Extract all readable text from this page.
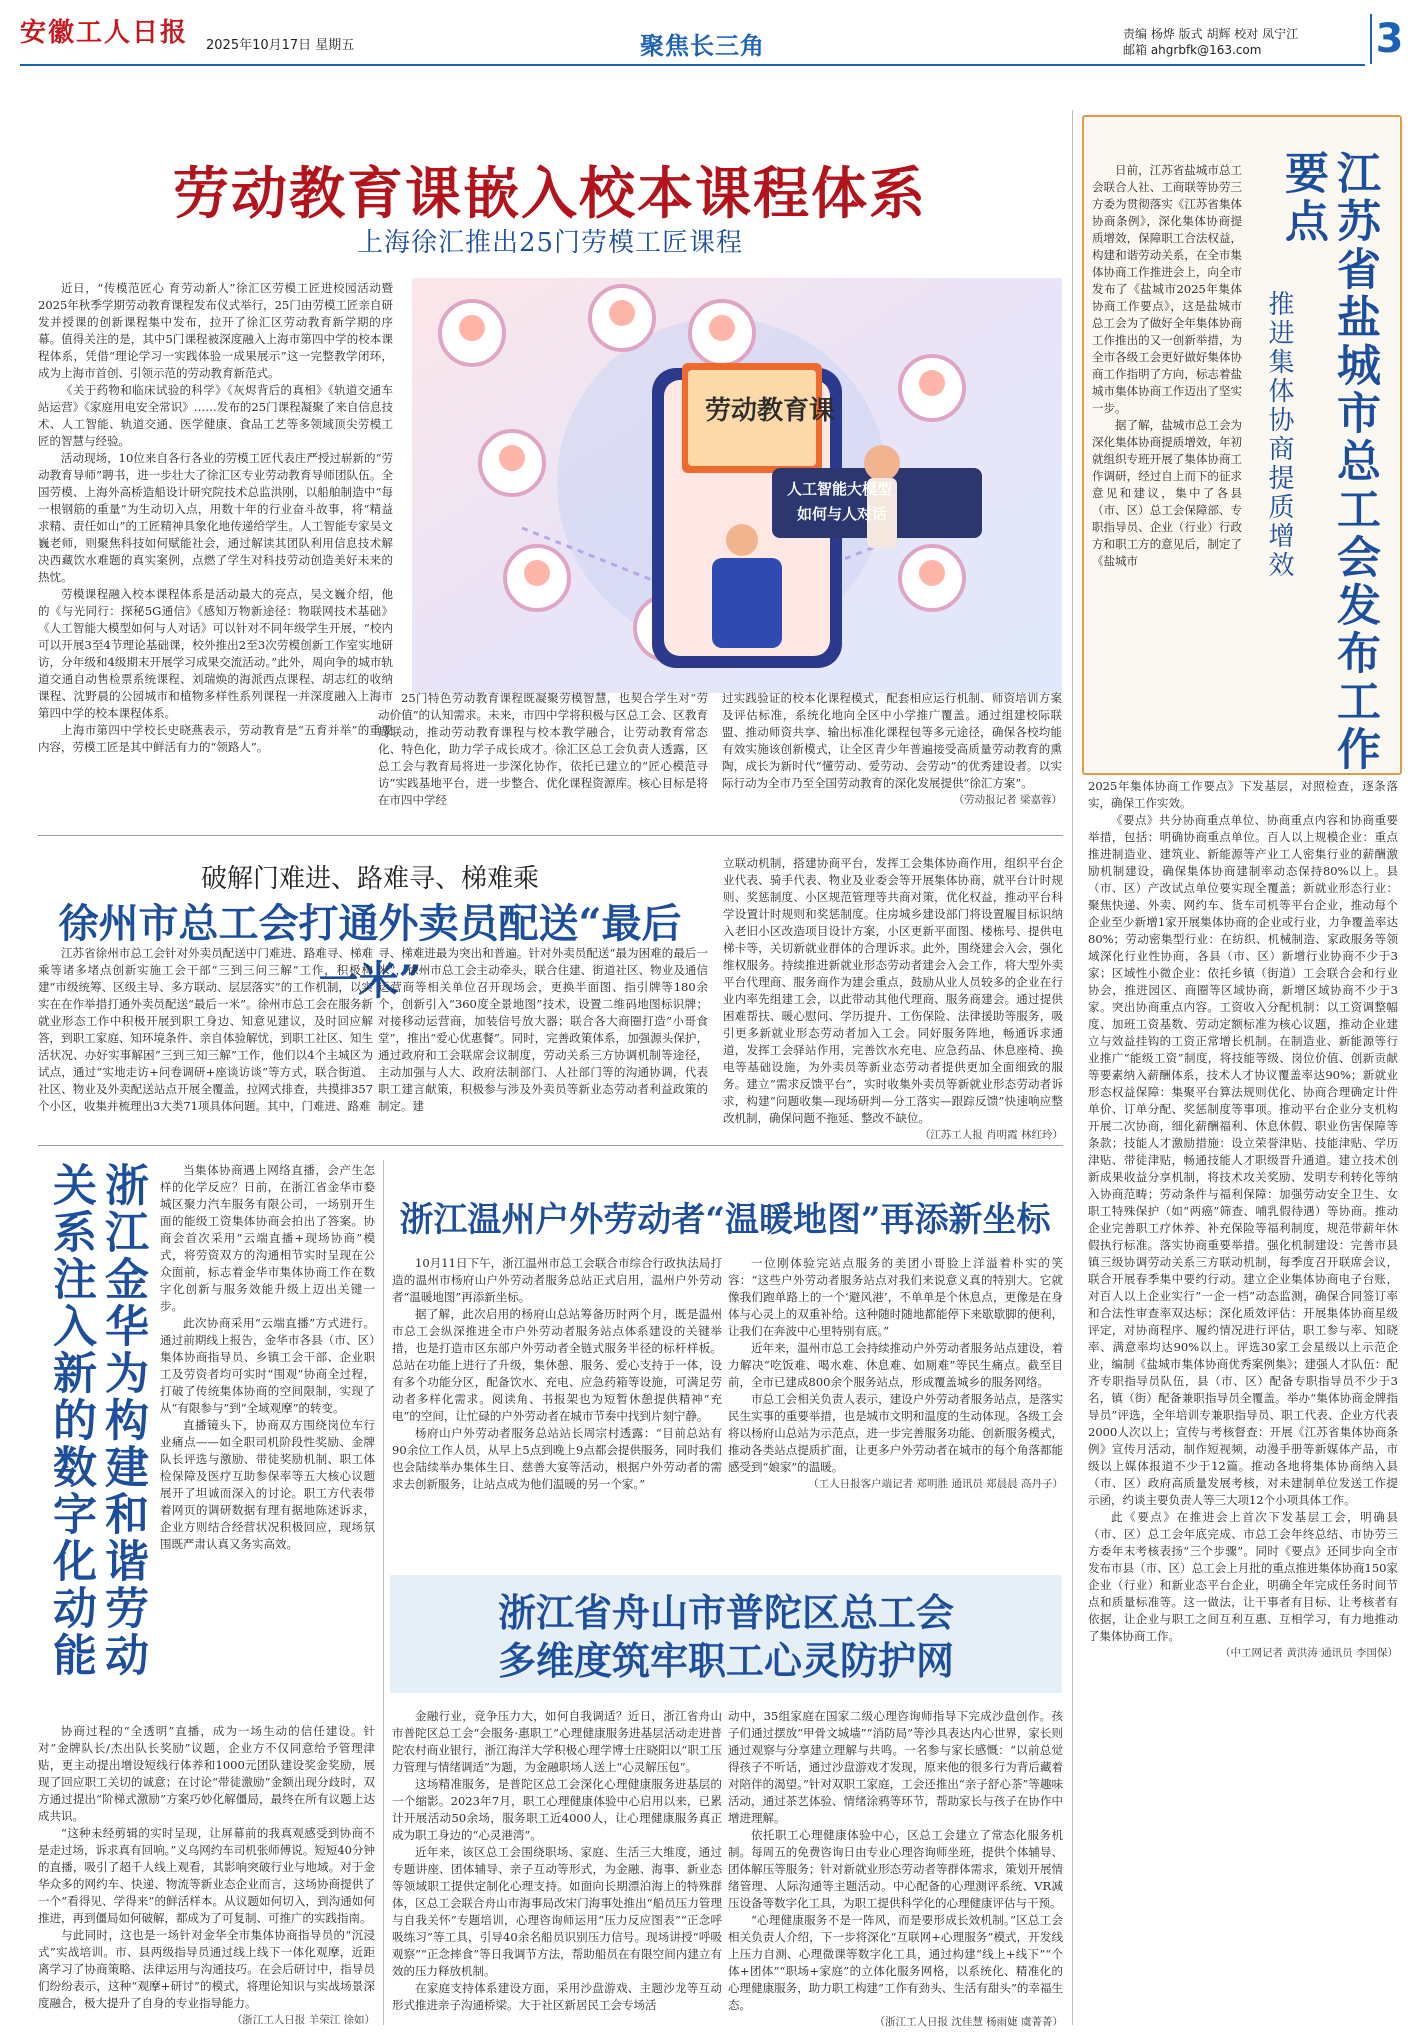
安徽工人日报 2025年10月17日 星期五	聚焦长三角	责编 杨烨 版式 胡辉 校对 凤宁江
邮箱 ahgrbfk@163.com	3
劳动教育课嵌入校本课程体系
上海徐汇推出25门劳模工匠课程
劳动教育课
人工智能大模型
如何与人对话

近日，“传模范匠心 育劳动新人”徐汇区劳模工匠进校园活动暨2025年秋季学期劳动教育课程发布仪式举行，25门由劳模工匠亲自研发并授课的创新课程集中发布，拉开了徐汇区劳动教育新学期的序幕。值得关注的是，其中5门课程被深度融入上海市第四中学的校本课程体系，凭借“理论学习一实践体验一成果展示”这一完整教学闭环，成为上海市首创、引领示范的劳动教育新范式。

《关于药物和临床试验的科学》《灰烬背后的真相》《轨道交通车站运营》《家庭用电安全常识》……发布的25门课程凝聚了来自信息技术、人工智能、轨道交通、医学健康、食品工艺等多领域顶尖劳模工匠的智慧与经验。

活动现场，10位来自各行各业的劳模工匠代表庄严授过崭新的“劳动教育导师”聘书，进一步壮大了徐汇区专业劳动教育导师团队伍。全国劳模、上海外高桥造船设计研究院技术总监洪刚，以船舶制造中“每一根钢筋的重量”为生动切入点，用数十年的行业奋斗故事，将“精益求精、责任如山”的工匠精神具象化地传递给学生。人工智能专家吴文巍老师，则聚焦科技如何赋能社会，通过解读其团队利用信息技术解决西藏饮水难题的真实案例，点燃了学生对科技劳动创造美好未来的热忱。

劳模课程融入校本课程体系是活动最大的亮点，吴文巍介绍，他的《与光同行：探秘5G通信》《感知万物新途径：物联网技术基础》《人工智能大模型如何与人对话》可以针对不同年级学生开展，“校内可以开展3至4节理论基础课，校外推出2至3次劳模创新工作室实地研访，分年级和4级期末开展学习成果交流活动。”此外，周向争的城市轨道交通自动售检票系统课程、刘瑞焕的海派西点课程、胡志红的收纳课程、沈野晨的公园城市和植物多样性系列课程一并深度融入上海市第四中学的校本课程体系。

上海市第四中学校长史晓燕表示，劳动教育是“五育并举”的重要内容，劳模工匠是其中鲜活有力的“领路人”。

25门特色劳动教育课程既凝聚劳模智慧，也契合学生对“劳动价值”的认知需求。未来，市四中学将积极与区总工会、区教育局联动，推动劳动教育课程与校本教学融合，让劳动教育常态化、特色化，助力学子成长成才。徐汇区总工会负责人透露，区总工会与教育局将进一步深化协作，依托已建立的“匠心模范寻访”实践基地平台，进一步整合、优化课程资源库。核心目标是将在市四中学经

过实践验证的校本化课程模式，配套相应运行机制、师资培训方案及评估标准，系统化地向全区中小学推广覆盖。通过组建校际联盟、推动师资共享、输出标准化课程包等多元途径，确保各校均能有效实施该创新模式，让全区青少年普遍接受高质量劳动教育的熏陶，成长为新时代“懂劳动、爱劳动、会劳动”的优秀建设者。以实际行动为全市乃至全国劳动教育的深化发展提供“徐汇方案”。

（劳动报记者 梁嘉蓉）
破解门难进、路难寻、梯难乘
徐州市总工会打通外卖员配送“最后一米”

江苏省徐州市总工会针对外卖员配送中门难进、路难寻、梯难乘等诸多堵点创新实施工会干部“三到三问三解”工作，积极构建“市级统筹、区级主导、多方联动、层层落实”的工作机制，以实实在在作举措打通外卖员配送“最后一米”。徐州市总工会在服务新就业形态工作中积极开展到职工身边、知意见建议，及时回应解答，到职工家庭、知环境条件、亲自体验解忧，到职工社区、知生活状况、办好实事解困“三到三知三解”工作，他们以4个主城区为试点，通过“实地走访+问卷调研+座谈访谈”等方式，联合街道、社区、物业及外卖配送站点开展全覆盖，拉网式排查，共摸排357个小区，收集并梳理出3大类71项具体问题。其中，门难进、路难

寻、梯难进最为突出和普遍。针对外卖员配送“最为困难的最后一米”，徐州市总工会主动牵头，联合住建、街道社区、物业及通信运营商等相关单位召开现场会，更换半面图、指引牌等180余个，创新引入“360度全景地图”技术，设置二维码地图标识牌；对接移动运营商，加装信号放大器；联合各大商圈打造“小哥食堂”，推出“爱心优惠餐”。同时，完善政策体系，加强源头保护，通过政府和工会联席会议制度，劳动关系三方协调机制等途径，主动加强与人大、政府法制部门、人社部门等的沟通协调，代表职工建言献策，积极参与涉及外卖员等新业态劳动者利益政策的制定。建

立联动机制，搭建协商平台，发挥工会集体协商作用，组织平台企业代表、骑手代表、物业及业委会等开展集体协商，就平台计时规则、奖惩制度、小区规范管理等共商对策，优化权益，推动平台科学设置计时规则和奖惩制度。住房城乡建设部门将设置履目标识纳入老旧小区改造项目设计方案，小区更新平面图、楼栋号、提供电梯卡等，关切新就业群体的合理诉求。此外，围绕建会入会，强化维权服务。持续推进新就业形态劳动者建会入会工作，将大型外卖平台代理商、服务商作为建会重点，鼓励从业人员较多的企业在行业内率先组建工会，以此带动其他代理商、服务商建会。通过提供困难帮扶、暖心慰问、学历提升、工伤保险、法律援助等服务，吸引更多新就业形态劳动者加入工会。同好服务阵地，畅通诉求通道，发挥工会驿站作用，完善饮水充电、应急药品、休息座椅、换电等基础设施，为外卖员等新业态劳动者提供更加全面细致的服务。建立“需求反馈平台”，实时收集外卖员等新就业形态劳动者诉求，构建“问题收集—现场研判—分工落实—跟踪反馈”快速响应整改机制，确保问题不拖延、整改不缺位。

（江苏工人报 肖明霞 林红玲）
浙江金华为构建和谐劳动关系注入新的数字化动能	当集体协商遇上网络直播，会产生怎样的化学反应？日前，在浙江省金华市婺城区聚力汽车服务有限公司，一场别开生面的能级工资集体协商会拍出了答案。协商会首次采用“云端直播+现场协商”模式，将劳资双方的沟通相节实时呈现在公众面前，标志着金华市集体协商工作在数字化创新与服务效能升级上迈出关键一步。

此次协商采用“云端直播”方式进行。通过前期线上报告，金华市各县（市、区）集体协商指导员、乡镇工会干部、企业职工及劳资者均可实时“围观”协商全过程，打破了传统集体协商的空间限制，实现了从“有限参与”到“全域观摩”的转变。

直播镜头下，协商双方围绕岗位车行业痛点——如全职司机阶段性奖励、金牌队长评选与激励、带徒奖励机制、职工体检保障及医疗互助参保率等五大核心议题展开了坦诚而深入的讨论。职工方代表带着网页的调研数据有理有据地陈述诉求，企业方则结合经营状况积极回应，现场氛围既严肃认真又务实高效。

协商过程的“全透明”直播，成为一场生动的信任建设。针对“金牌队长/杰出队长奖励”议题，企业方不仅同意给予管理津贴，更主动提出增设短线行体养和1000元团队建设奖金奖励，展现了回应职工关切的诚意；在讨论“带徒激励”金额出现分歧时，双方通过提出“阶梯式激励”方案巧妙化解僵局，最终在所有议题上达成共识。

“这种未经剪辑的实时呈现，让屏幕前的我真观感受到协商不是走过场，诉求真有回响。”义乌网约车司机张师傅说。短短40分钟的直播，吸引了超千人线上观看，其影响突破行业与地域。对于金华众多的网约车、快递、物流等新业态企业而言，这场协商提供了一个“看得见、学得来”的鲜活样本。从议题如何切入，到沟通如何推进，再到僵局如何破解，都成为了可复制、可推广的实践指南。

与此同时，这也是一场针对金华全市集体协商指导员的“沉浸式”实战培训。市、县两级指导员通过线上线下一体化观摩，近距离学习了协商策略、法律运用与沟通技巧。在会后研讨中，指导员们纷纷表示，这种“观摩+研讨”的模式，将理论知识与实战场景深度融合，极大提升了自身的专业指导能力。

（浙江工人日报 羊荣江 徐如）
浙江温州户外劳动者“温暖地图”再添新坐标

10月11日下午，浙江温州市总工会联合市综合行政执法局打造的温州市杨府山户外劳动者服务总站正式启用，温州户外劳动者“温暖地图”再添新坐标。

据了解，此次启用的杨府山总站筹备历时两个月，既是温州市总工会纵深推进全市户外劳动者服务站点体系建设的关键举措，也是打造市区东部户外劳动者全链式服务半径的标杆样板。总站在功能上进行了升级，集休憩、服务、爱心支持于一体，设有多个功能分区，配备饮水、充电、应急药箱等设施，可满足劳动者多样化需求。阅读角、书报架也为短暂休憩提供精神“充电”的空间，让忙碌的户外劳动者在城市节奏中找到片刻宁静。

杨府山户外劳动者服务总站站长周宗村透露：“目前总站有90余位工作人员，从早上5点到晚上9点都会提供服务，同时我们也会陆续举办集体生日、慈善大宴等活动，根据户外劳动者的需求去创新服务，让站点成为他们温暖的另一个家。”

一位刚体验完站点服务的美团小哥脸上洋溢着朴实的笑容：“这些户外劳动者服务站点对我们来说意义真的特别大。它就像我们跑单路上的一个‘避风港’，不单单是个休息点，更像是在身体与心灵上的双重补给。这种随时随地都能停下来歇歇脚的便利，让我们在奔波中心里特别有底。”

近年来，温州市总工会持续推动户外劳动者服务站点建设，着力解决“吃饭难、喝水难、休息难、如厕难”等民生痛点。截至目前，全市已建成800余个服务站点，形成覆盖城乡的服务网络。

市总工会相关负责人表示，建设户外劳动者服务站点，是落实民生实事的重要举措，也是城市文明和温度的生动体现。各级工会将以杨府山总站为示范点，进一步完善服务功能、创新服务模式，推动各类站点提质扩面，让更多户外劳动者在城市的每个角落都能感受到“娘家”的温暖。

（工人日报客户端记者 郑明胜 通讯员 郑晨晨 高丹子）
浙江省舟山市普陀区总工会
多维度筑牢职工心灵防护网

金融行业，竞争压力大，如何自我调适？近日，浙江省舟山市普陀区总工会“会服务·惠职工”心理健康服务进基层活动走进普陀农村商业银行，浙江海洋大学积极心理学博士庄晓阳以“职工压力管理与情绪调适”为题，为金融职场人送上“心灵解压包”。

这场精准服务，是普陀区总工会深化心理健康服务进基层的一个缩影。2023年7月，职工心理健康体验中心启用以来，已累计开展活动50余场，服务职工近4000人，让心理健康服务真正成为职工身边的“心灵港湾”。

近年来，该区总工会围绕职场、家庭、生活三大维度，通过专题讲座、团体辅导、亲子互动等形式，为金融、海事、新业态等领域职工提供定制化心理支持。如面向长期漂泊海上的特殊群体，区总工会联合舟山市海事局改宋门海事处推出“船员压力管理与自我关怀”专题培训，心理咨询师运用“压力反应图表”“正念呼吸练习”等工具，引导40余名船员识别压力信号。现场讲授“呼吸观察”“正念摔食”等日我调节方法，帮助船员在有限空间内建立有效的压力释放机制。

在家庭支持体系建设方面，采用沙盘游戏、主题沙龙等互动形式推进亲子沟通桥梁。大于社区新居民工会专场活

动中，35组家庭在国家二级心理咨询师指导下完成沙盘创作。孩子们通过摆放“甲骨文城墙”“消防局”等沙具表达内心世界，家长则通过观察与分享建立理解与共鸣。一名参与家长感慨：“以前总觉得孩子不听话，通过沙盘游戏才发现，原来他的很多行为背后藏着对陪伴的渴望。”针对双职工家庭，工会还推出“亲子舒心茶”等趣味活动，通过茶艺体验、情绪涂鸦等环节，帮助家长与孩子在协作中增进理解。

依托职工心理健康体验中心，区总工会建立了常态化服务机制。每周五的免费咨询日由专业心理咨询师坐班，提供个体辅导、团体解压等服务；针对新就业形态劳动者等群体需求，策划开展情绪管理、人际沟通等主题活动。中心配备的心理测评系统、VR减压设备等数字化工具，为职工提供科学化的心理健康评估与干预。

“心理健康服务不是一阵风，而是要形成长效机制。”区总工会相关负责人介绍，下一步将深化“互联网+心理服务”模式，开发线上压力自测、心理微课等数字化工具，通过构建“线上+线下”“个体+团体”“职场+家庭”的立体化服务网格，以系统化、精准化的心理健康服务，助力职工构建“工作有劲头、生活有甜头”的幸福生态。

（浙江工人日报 沈佳慧 杨雨婕 虞菁菁）

日前，江苏省盐城市总工会联合人社、工商联等协劳三方委为贯彻落实《江苏省集体协商条例》，深化集体协商提质增效，保障职工合法权益，构建和谐劳动关系，在全市集体协商工作推进会上，向全市发布了《盐城市2025年集体协商工作要点》，这是盐城市总工会为了做好全年集体协商工作推出的又一创新举措，为全市各级工会更好做好集体协商工作指明了方向，标志着盐城市集体协商工作迈出了坚实一步。

据了解，盐城市总工会为深化集体协商提质增效，年初就组织专班开展了集体协商工作调研，经过自上而下的征求意见和建议，集中了各县（市、区）总工会保障部、专职指导员、企业（行业）行政方和职工方的意见后，制定了《盐城市	江苏省盐城市总工会发布工作要点
推进集体协商提质增效

2025年集体协商工作要点》下发基层，对照检查，逐条落实，确保工作实效。

《要点》共分协商重点单位、协商重点内容和协商重要举措，包括：明确协商重点单位。百人以上规模企业：重点推进制造业、建筑业、新能源等产业工人密集行业的薪酬激励机制建设，确保集体协商建制率动态保持80%以上。县（市、区）产改试点单位要实现全覆盖；新就业形态行业：聚焦快递、外卖、网约车、货车司机等平台企业，推动每个企业至少新增1家开展集体协商的企业或行业，力争覆盖率达80%；劳动密集型行业：在纺织、机械制造、家政服务等领域深化行业性协商，各县（市、区）新增行业协商不少于3家；区域性小微企业：依托乡镇（街道）工会联合会和行业协会，推进园区、商圈等区域协商，新增区域协商不少于3家。突出协商重点内容。工资收入分配机制：以工资调整幅度、加班工资基数、劳动定额标准为核心议题，推动企业建立与效益挂钩的工资正常增长机制。在制造业、新能源等行业推广“能级工资”制度，将技能等级、岗位价值、创新贡献等要素纳入薪酬体系，技术人才协议覆盖率达90%；新就业形态权益保障：集聚平台算法规则优化、协商合理确定计件单价、订单分配、奖惩制度等事项。推动平台企业分支机构开展二次协商，细化薪酬福利、休息休假、职业伤害保障等条款；技能人才激励措施：设立荣誉津贴、技能津贴、学历津贴、带徒津贴，畅通技能人才职级晋升通道。建立技术创新成果收益分享机制，将技术攻关奖励、发明专利转化等纳入协商范畴；劳动条件与福利保障：加强劳动安全卫生、女职工特殊保护（如“两癌”筛查、哺乳假待遇）等协商。推动企业完善职工疗休养、补充保险等福利制度，规范带薪年休假执行标准。落实协商重要举措。强化机制建设：完善市县镇三级协调劳动关系三方联动机制，每季度召开联席会议，联合开展春季集中要约行动。建立企业集体协商电子台账，对百人以上企业实行“一企一档”动态监测，确保合同签订率和合法性审查率双达标；深化质效评估：开展集体协商星级评定，对协商程序、履约情况进行评估，职工参与率、知晓率、满意率均达90%以上。评选30家工会星级以上示范企业，编制《盐城市集体协商优秀案例集》；建强人才队伍：配齐专职指导员队伍，县（市、区）配备专职指导员不少于3名，镇（街）配备兼职指导员全覆盖。举办“集体协商金牌指导员”评选，全年培训专兼职指导员、职工代表、企业方代表2000人次以上；宣传与考核督查：开展《江苏省集体协商条例》宣传月活动，制作短视频，动漫手册等新媒体产品，市级以上媒体报道不少于12篇。推动各地将集体协商纳入县（市、区）政府高质量发展考核，对未建制单位发送工作提示函，约谈主要负责人等三大项12个小项具体工作。

此《要点》在推进会上首次下发基层工会，明确县（市、区）总工会年底完成、市总工会年终总结、市协劳三方委年末考核表扬“三个步骤”。同时《要点》还同步向全市发布市县（市、区）总工会上月批的重点推进集体协商150家企业（行业）和新业态平台企业，明确全年完成任务时间节点和质量标准等。这一做法，让干事者有目标、让考核者有依据，让企业与职工之间互利互惠、互相学习，有力地推动了集体协商工作。

（中工网记者 黄洪涛 通讯员 李国保）
